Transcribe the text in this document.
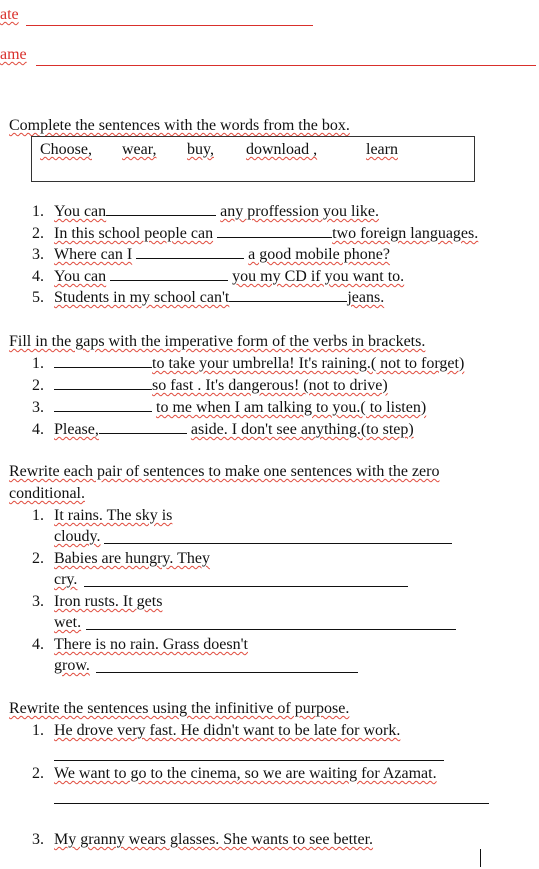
ate
ame
Complete the sentences with the words from the box.
Choose, wear, buy, download ,	learn
1. You can	any proffession you like.
2. In this school people can	two foreign languages.
3. Where can I	a good mobile phone?
4. You can	you my CD if you want to.
5. Students in my school can't	jeans.
Fill in the gaps with the imperative form of the verbs in brackets.
1.	to take your umbrella! It's raining.( not to forget)
2.	so fast . It's dangerous! (not to drive)
3.	to me when I am talking to you.( to listen)
4. Please,	aside. I don't see anything.(to step)
Rewrite each pair of sentences to make one sentences with the zero
conditional.
1. It rains. The sky is
cloudy.
2. Babies are hungry. They
cry.
3. Iron rusts. It gets
wet.
4. There is no rain. Grass doesn't
grow.
Rewrite the sentences using the infinitive of purpose.
1. He drove very fast. He didn't want to be late for work.
2. We want to go to the cinema, so we are waiting for Azamat.
3. My granny wears glasses. She wants to see better.
